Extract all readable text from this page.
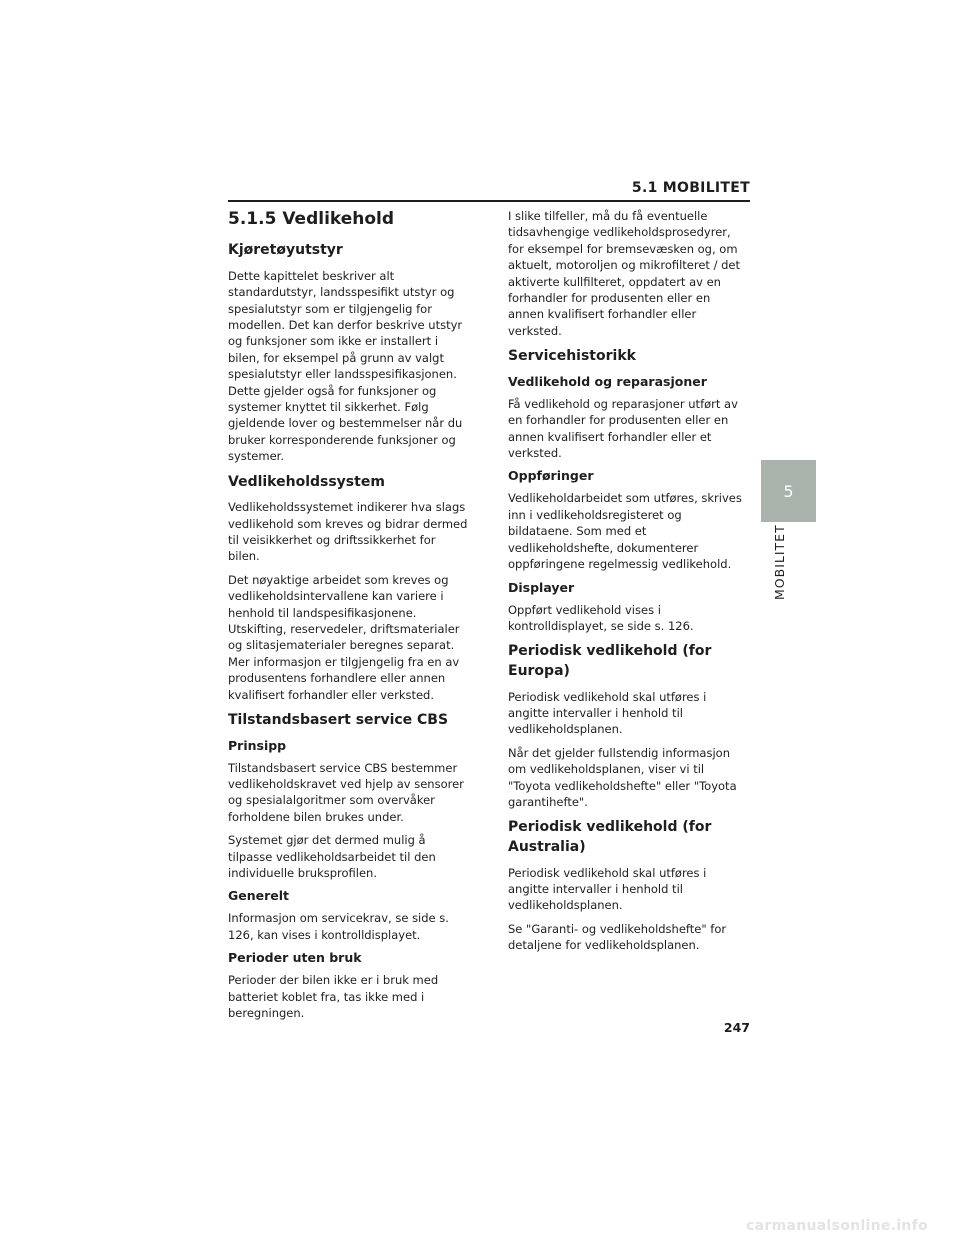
5.1 MOBILITET
5.1.5 Vedlikehold
Kjøretøyutstyr

Dette kapittelet beskriver alt standardutstyr, landsspesifikt utstyr og spesialutstyr som er tilgjengelig for modellen. Det kan derfor beskrive utstyr og funksjoner som ikke er installert i bilen, for eksempel på grunn av valgt spesialutstyr eller landsspesifikasjonen. Dette gjelder også for funksjoner og systemer knyttet til sikkerhet. Følg gjeldende lover og bestemmelser når du bruker korresponderende funksjoner og systemer.

Vedlikeholdssystem

Vedlikeholdssystemet indikerer hva slags vedlikehold som kreves og bidrar dermed til veisikkerhet og driftssikkerhet for bilen.

Det nøyaktige arbeidet som kreves og vedlikeholdsintervallene kan variere i henhold til landspesifikasjonene. Utskifting, reservedeler, driftsmaterialer og slitasjematerialer beregnes separat. Mer informasjon er tilgjengelig fra en av produsentens forhandlere eller annen kvalifisert forhandler eller verksted.

Tilstandsbasert service CBS
Prinsipp

Tilstandsbasert service CBS bestemmer vedlikeholdskravet ved hjelp av sensorer og spesialalgoritmer som overvåker forholdene bilen brukes under.

Systemet gjør det dermed mulig å tilpasse vedlikeholdsarbeidet til den individuelle bruksprofilen.

Generelt

Informasjon om servicekrav, se side s. 126, kan vises i kontrolldisplayet.

Perioder uten bruk

Perioder der bilen ikke er i bruk med batteriet koblet fra, tas ikke med i beregningen.

I slike tilfeller, må du få eventuelle tidsavhengige vedlikeholdsprosedyrer, for eksempel for bremsevæsken og, om aktuelt, motoroljen og mikrofilteret / det aktiverte kullfilteret, oppdatert av en forhandler for produsenten eller en annen kvalifisert forhandler eller verksted.

Servicehistorikk
Vedlikehold og reparasjoner

Få vedlikehold og reparasjoner utført av en forhandler for produsenten eller en annen kvalifisert forhandler eller et verksted.

Oppføringer

Vedlikeholdarbeidet som utføres, skrives inn i vedlikeholdsregisteret og bildataene. Som med et vedlikeholdshefte, dokumenterer oppføringene regelmessig vedlikehold.

Displayer

Oppført vedlikehold vises i kontrolldisplayet, se side s. 126.

Periodisk vedlikehold (for Europa)

Periodisk vedlikehold skal utføres i angitte intervaller i henhold til vedlikeholdsplanen.

Når det gjelder fullstendig informasjon om vedlikeholdsplanen, viser vi til "Toyota vedlikeholdshefte" eller "Toyota garantihefte".

Periodisk vedlikehold (for Australia)

Periodisk vedlikehold skal utføres i angitte intervaller i henhold til vedlikeholdsplanen.

Se "Garanti- og vedlikeholdshefte" for detaljene for vedlikeholdsplanen.

5
MOBILITET
247
carmanualsonline.info
